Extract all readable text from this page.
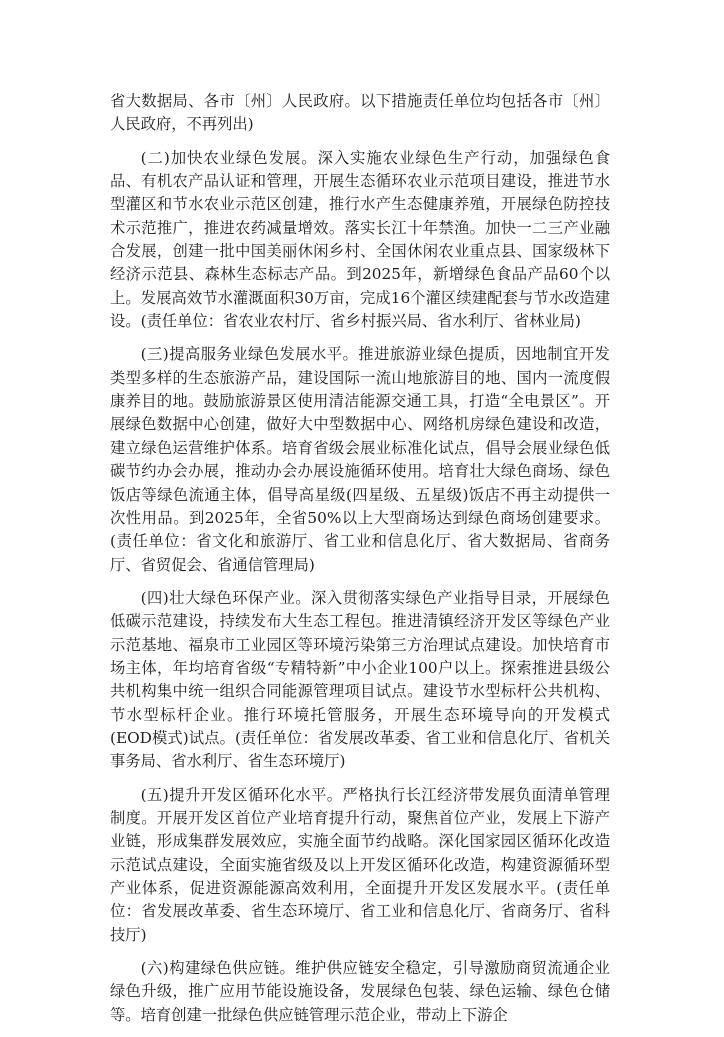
省大数据局、各市〔州〕人民政府。以下措施责任单位均包括各市〔州〕人民政府，不再列出)

(二)加快农业绿色发展。深入实施农业绿色生产行动，加强绿色食品、有机农产品认证和管理，开展生态循环农业示范项目建设，推进节水型灌区和节水农业示范区创建，推行水产生态健康养殖，开展绿色防控技术示范推广，推进农药减量增效。落实长江十年禁渔。加快一二三产业融合发展，创建一批中国美丽休闲乡村、全国休闲农业重点县、国家级林下经济示范县、森林生态标志产品。到2025年，新增绿色食品产品60个以上。发展高效节水灌溉面积30万亩，完成16个灌区续建配套与节水改造建设。(责任单位：省农业农村厅、省乡村振兴局、省水利厅、省林业局)

(三)提高服务业绿色发展水平。推进旅游业绿色提质，因地制宜开发类型多样的生态旅游产品，建设国际一流山地旅游目的地、国内一流度假康养目的地。鼓励旅游景区使用清洁能源交通工具，打造“全电景区”。开展绿色数据中心创建，做好大中型数据中心、网络机房绿色建设和改造，建立绿色运营维护体系。培育省级会展业标准化试点，倡导会展业绿色低碳节约办会办展，推动办会办展设施循环使用。培育壮大绿色商场、绿色饭店等绿色流通主体，倡导高星级(四星级、五星级)饭店不再主动提供一次性用品。到2025年，全省50%以上大型商场达到绿色商场创建要求。(责任单位：省文化和旅游厅、省工业和信息化厅、省大数据局、省商务厅、省贸促会、省通信管理局)

(四)壮大绿色环保产业。深入贯彻落实绿色产业指导目录，开展绿色低碳示范建设，持续发布大生态工程包。推进清镇经济开发区等绿色产业示范基地、福泉市工业园区等环境污染第三方治理试点建设。加快培育市场主体，年均培育省级“专精特新”中小企业100户以上。探索推进县级公共机构集中统一组织合同能源管理项目试点。建设节水型标杆公共机构、节水型标杆企业。推行环境托管服务，开展生态环境导向的开发模式(EOD模式)试点。(责任单位：省发展改革委、省工业和信息化厅、省机关事务局、省水利厅、省生态环境厅)

(五)提升开发区循环化水平。严格执行长江经济带发展负面清单管理制度。开展开发区首位产业培育提升行动，聚焦首位产业，发展上下游产业链，形成集群发展效应，实施全面节约战略。深化国家园区循环化改造示范试点建设，全面实施省级及以上开发区循环化改造，构建资源循环型产业体系，促进资源能源高效利用，全面提升开发区发展水平。(责任单位：省发展改革委、省生态环境厅、省工业和信息化厅、省商务厅、省科技厅)

(六)构建绿色供应链。维护供应链安全稳定，引导激励商贸流通企业绿色升级，推广应用节能设施设备，发展绿色包装、绿色运输、绿色仓储等。培育创建一批绿色供应链管理示范企业，带动上下游企
